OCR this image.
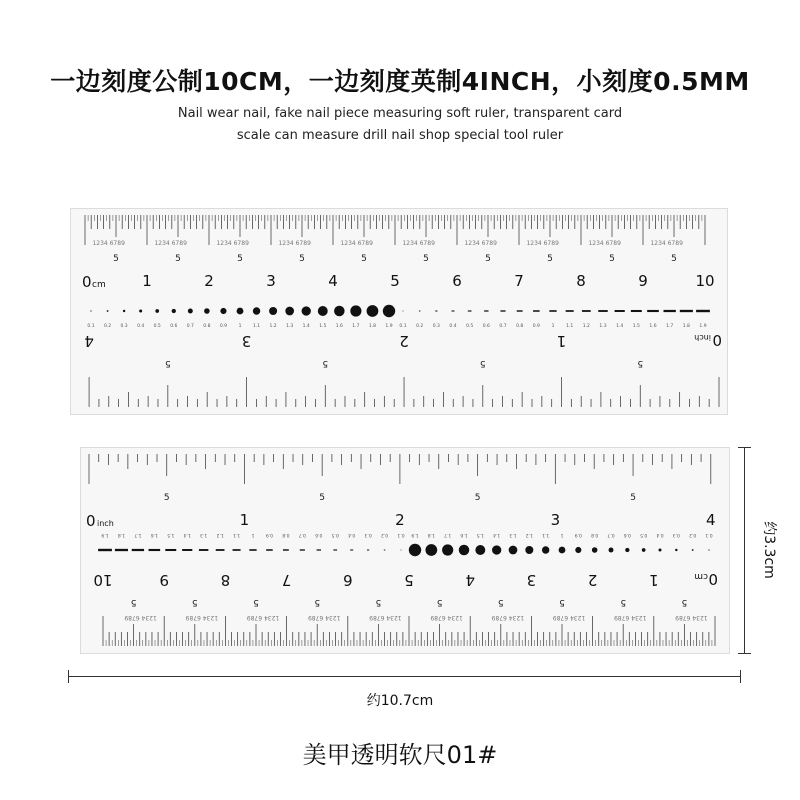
一边刻度公制10CM，一边刻度英制4INCH，小刻度0.5MM
Nail wear nail, fake nail piece measuring soft ruler, transparent card
scale can measure drill nail shop special tool ruler
1234 6789
5
1234 6789
5
1234 6789
5
1234 6789
5
1234 6789
5
1234 6789
5
1234 6789
5
1234 6789
5
1234 6789
5
1234 6789
5
0 cm 1	2	3	4	5	6	7	8	9	10
0.1 0.2 0.3 0.4 0.5 0.6 0.7 0.8 0.9	1	1.1 1.2 1.3 1.4 1.5 1.6 1.7 1.8 1.9 0.1 0.2 0.3 0.4 0.5 0.6 0.7 0.8 0.9	1	1.1 1.2 1.3 1.4 1.5 1.6 1.7 1.8 1.9
5
5
5
5
0
inch
1
2
3
4
1234 6789
5
1234 6789
5
1234 6789
5
1234 6789
5
1234 6789
5
1234 6789
5
1234 6789
5
1234 6789
5
1234 6789
5
1234 6789
5
0
cm
1
2
3
4
5
6
7
8
9
10
0.1
0.2
0.3
0.4
0.5
0.6
0.7
0.8
0.9
1
1.1
1.2
1.3
1.4
1.5
1.6
1.7
1.8
1.9
0.1
0.2
0.3
0.4
0.5
0.6
0.7
0.8
0.9
1
1.1
1.2
1.3
1.4
1.5
1.6
1.7
1.8
1.9
5	5	5	5
0 inch	1	2	3	4
约3.3cm
约10.7cm
美甲透明软尺01#
